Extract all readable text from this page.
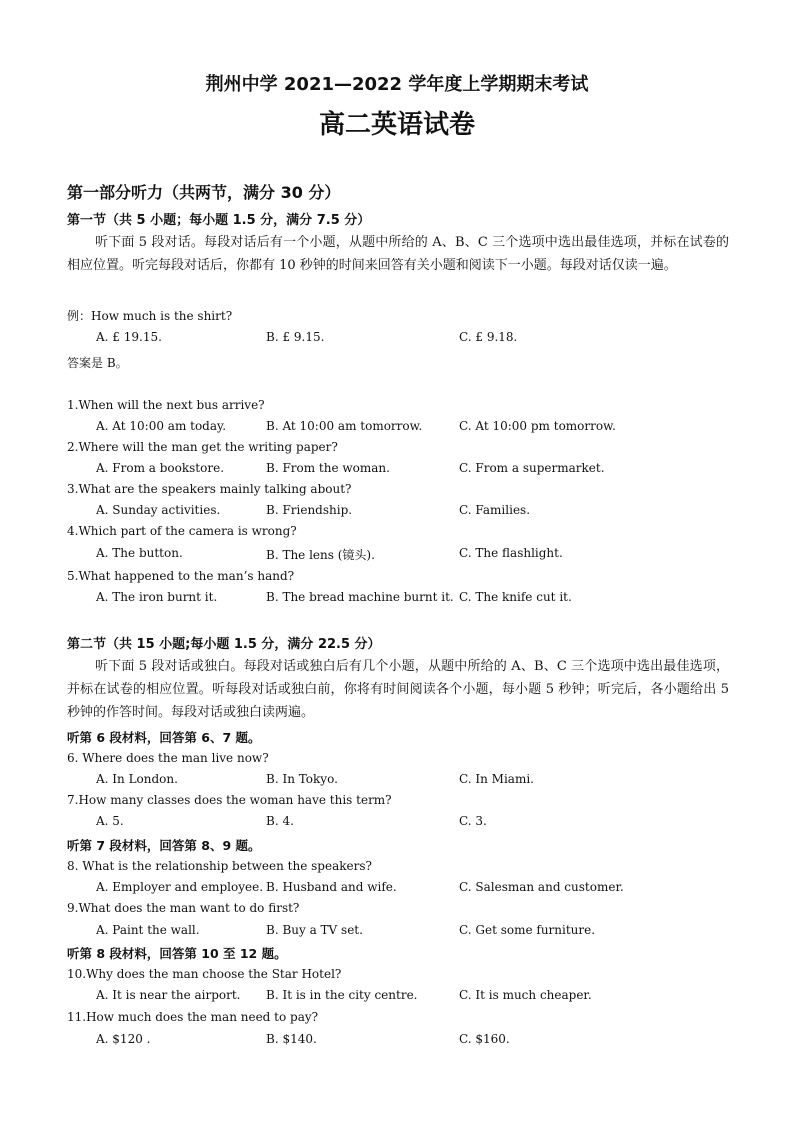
荆州中学 2021—2022 学年度上学期期末考试
高二英语试卷
第一部分听力（共两节，满分 30 分）
第一节（共 5 小题；每小题 1.5 分，满分 7.5 分）
听下面 5 段对话。每段对话后有一个小题，从题中所给的 A、B、C 三个选项中选出最佳选项，并标在试卷的相应位置。听完每段对话后，你都有 10 秒钟的时间来回答有关小题和阅读下一小题。每段对话仅读一遍。
例：How much is the shirt?
A. £ 19.15.	B. £ 9.15.	C. £ 9.18.
答案是 B。
1.When will the next bus arrive?
A. At 10:00 am today.	B. At 10:00 am tomorrow.	C. At 10:00 pm tomorrow.
2.Where will the man get the writing paper?
A. From a bookstore.	B. From the woman.	C. From a supermarket.
3.What are the speakers mainly talking about?
A. Sunday activities.	B. Friendship.	C. Families.
4.Which part of the camera is wrong?
A. The button.	B. The lens (镜头).	C. The flashlight.
5.What happened to the man’s hand?
A. The iron burnt it.	B. The bread machine burnt it. C. The knife cut it.
第二节（共 15 小题;每小题 1.5 分，满分 22.5 分）
听下面 5 段对话或独白。每段对话或独白后有几个小题，从题中所给的 A、B、C 三个选项中选出最佳选项，并标在试卷的相应位置。听每段对话或独白前，你将有时间阅读各个小题，每小题 5 秒钟；听完后，各小题给出 5 秒钟的作答时间。每段对话或独白读两遍。
听第 6 段材料，回答第 6、7 题。
6. Where does the man live now?
A. In London.	B. In Tokyo.	C. In Miami.
7.How many classes does the woman have this term?
A. 5.	B. 4.	C. 3.
听第 7 段材料，回答第 8、9 题。
8. What is the relationship between the speakers?
A. Employer and employee. B. Husband and wife.	C. Salesman and customer.
9.What does the man want to do first?
A. Paint the wall.	B. Buy a TV set.	C. Get some furniture.
听第 8 段材料，回答第 10 至 12 题。
10.Why does the man choose the Star Hotel?
A. It is near the airport. B. It is in the city centre.	C. It is much cheaper.
11.How much does the man need to pay?
A. $120 .	B. $140.	C. $160.
